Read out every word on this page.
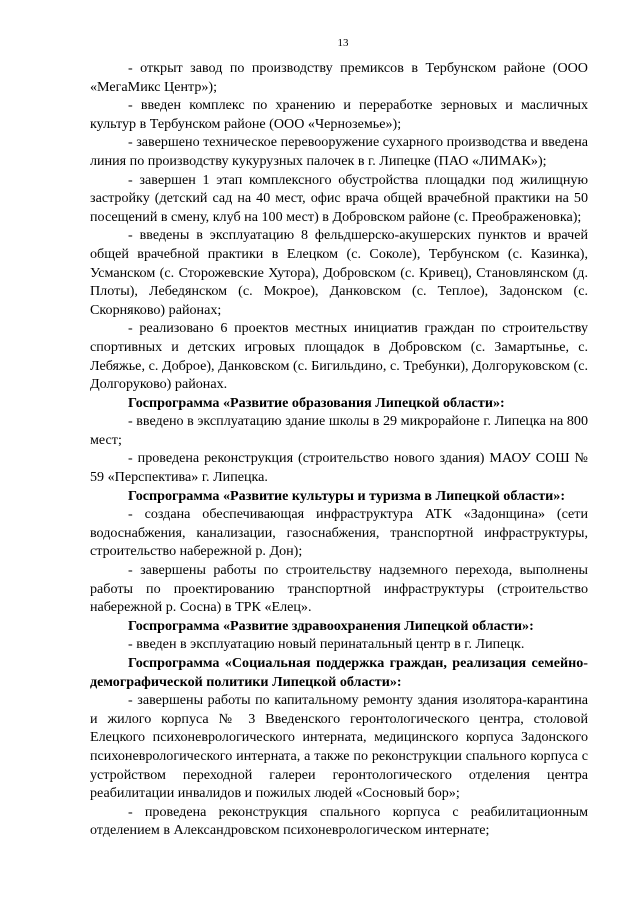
13

- открыт завод по производству премиксов в Тербунском районе (ООО «МегаМикс Центр»);

- введен комплекс по хранению и переработке зерновых и масличных культур в Тербунском районе (ООО «Черноземье»);

- завершено техническое перевооружение сухарного производства и введена линия по производству кукурузных палочек в г. Липецке (ПАО «ЛИМАК»);

- завершен 1 этап комплексного обустройства площадки под жилищную застройку (детский сад на 40 мест, офис врача общей врачебной практики на 50 посещений в смену, клуб на 100 мест) в Добровском районе (с. Преображеновка);

- введены в эксплуатацию 8 фельдшерско-акушерских пунктов и врачей общей врачебной практики в Елецком (с. Соколе), Тербунском (с. Казинка), Усманском (с. Сторожевские Хутора), Добровском (с. Кривец), Становлянском (д. Плоты), Лебедянском (с. Мокрое), Данковском (с. Теплое), Задонском (с. Скорняково) районах;

- реализовано 6 проектов местных инициатив граждан по строительству спортивных и детских игровых площадок в Добровском (с. Замартынье, с. Лебяжье, с. Доброе), Данковском (с. Бигильдино, с. Требунки), Долгоруковском (с. Долгоруково) районах.

Госпрограмма «Развитие образования Липецкой области»:

- введено в эксплуатацию здание школы в 29 микрорайоне г. Липецка на 800 мест;

- проведена реконструкция (строительство нового здания) МАОУ СОШ № 59 «Перспектива» г. Липецка.

Госпрограмма «Развитие культуры и туризма в Липецкой области»:

- создана обеспечивающая инфраструктура АТК «Задонщина» (сети водоснабжения, канализации, газоснабжения, транспортной инфраструктуры, строительство набережной р. Дон);

- завершены работы по строительству надземного перехода, выполнены работы по проектированию транспортной инфраструктуры (строительство набережной р. Сосна) в ТРК «Елец».

Госпрограмма «Развитие здравоохранения Липецкой области»:

- введен в эксплуатацию новый перинатальный центр в г. Липецк.

Госпрограмма «Социальная поддержка граждан, реализация семейно-демографической политики Липецкой области»:

- завершены работы по капитальному ремонту здания изолятора-карантина и жилого корпуса № 3 Введенского геронтологического центра, столовой Елецкого психоневрологического интерната, медицинского корпуса Задонского психоневрологического интерната, а также по реконструкции спального корпуса с устройством переходной галереи геронтологического отделения центра реабилитации инвалидов и пожилых людей «Сосновый бор»;

- проведена реконструкция спального корпуса с реабилитационным отделением в Александровском психоневрологическом интернате;
